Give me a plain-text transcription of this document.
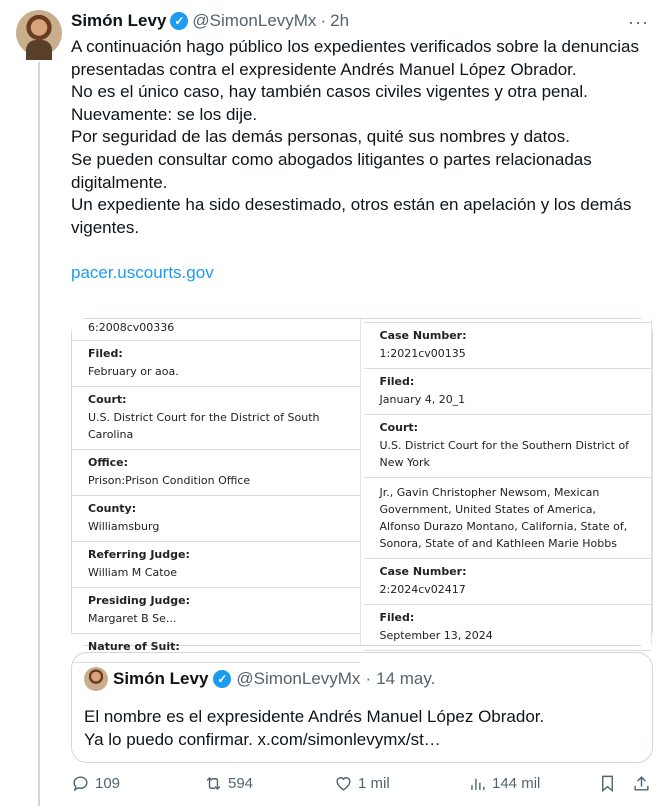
Simón Levy ✓ @SimonLevyMx · 2h	···

A continuación hago público los expedientes verificados sobre la denuncias presentadas contra el expresidente Andrés Manuel López Obrador.

No es el único caso, hay también casos civiles vigentes y otra penal.

Nuevamente: se los dije.

Por seguridad de las demás personas, quité sus nombres y datos.

Se pueden consultar como abogados litigantes o partes relacionadas digitalmente.

Un expediente ha sido desestimado, otros están en apelación y los demás vigentes.

pacer.uscourts.gov
6:2008cv00336
Filed:
February or aoa.
Court:
U.S. District Court for the District of South Carolina
Office:
Prison:Prison Condition Office
County:
Williamsburg
Referring Judge:
William M Catoe
Presiding Judge:
Margaret B Se...
Nature of Suit:
Case Number:
1:2021cv00135
Filed:
January 4, 20_1
Court:
U.S. District Court for the Southern District of New York
Jr., Gavin Christopher Newsom, Mexican Government, United States of America, Alfonso Durazo Montano, California, State of, Sonora, State of and Kathleen Marie Hobbs
Case Number:
2:2024cv02417
Filed:
September 13, 2024
Simón Levy ✓ @SimonLevyMx · 14 may.
El nombre es el expresidente Andrés Manuel López Obrador.
Ya lo puedo confirmar. x.com/simonlevymx/st…
109	594	1 mil	144 mil
